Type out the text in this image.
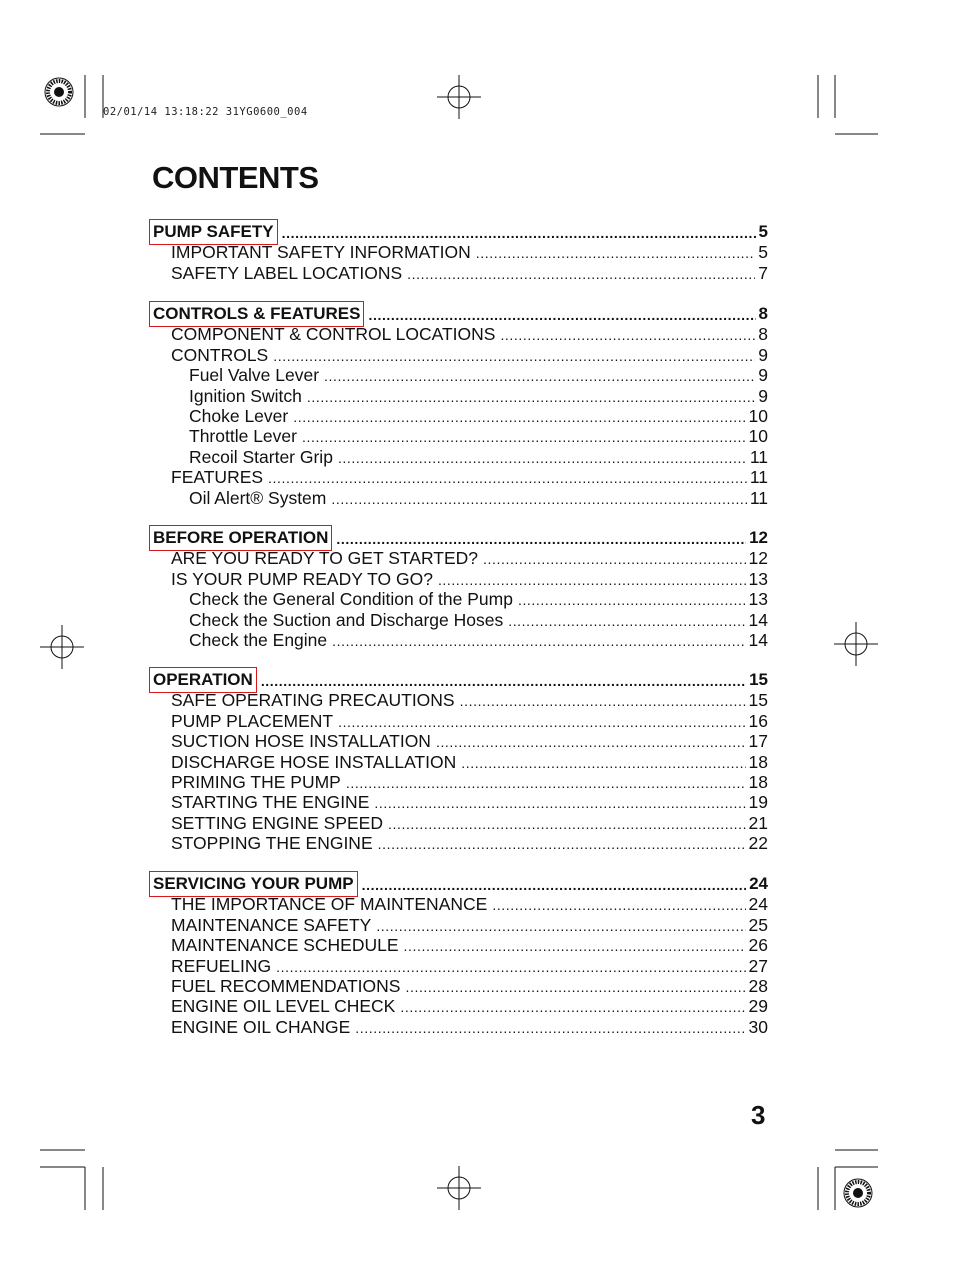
02/01/14 13:18:22 31YG0600_004
CONTENTS
PUMP SAFETY .....	5
IMPORTANT SAFETY INFORMATION .....	5
SAFETY LABEL LOCATIONS .....	7
CONTROLS & FEATURES .....	8
COMPONENT & CONTROL LOCATIONS .....	8
CONTROLS .....	9
Fuel Valve Lever .....	9
Ignition Switch .....	9
Choke Lever .....	10
Throttle Lever .....	10
Recoil Starter Grip .....	11
FEATURES .....	11
Oil Alert® System .....	11
BEFORE OPERATION .....	12
ARE YOU READY TO GET STARTED? .....	12
IS YOUR PUMP READY TO GO? .....	13
Check the General Condition of the Pump .....	13
Check the Suction and Discharge Hoses .....	14
Check the Engine .....	14
OPERATION .....	15
SAFE OPERATING PRECAUTIONS .....	15
PUMP PLACEMENT .....	16
SUCTION HOSE INSTALLATION .....	17
DISCHARGE HOSE INSTALLATION .....	18
PRIMING THE PUMP .....	18
STARTING THE ENGINE .....	19
SETTING ENGINE SPEED .....	21
STOPPING THE ENGINE .....	22
SERVICING YOUR PUMP .....	24
THE IMPORTANCE OF MAINTENANCE .....	24
MAINTENANCE SAFETY .....	25
MAINTENANCE SCHEDULE .....	26
REFUELING .....	27
FUEL RECOMMENDATIONS .....	28
ENGINE OIL LEVEL CHECK .....	29
ENGINE OIL CHANGE .....	30
3
